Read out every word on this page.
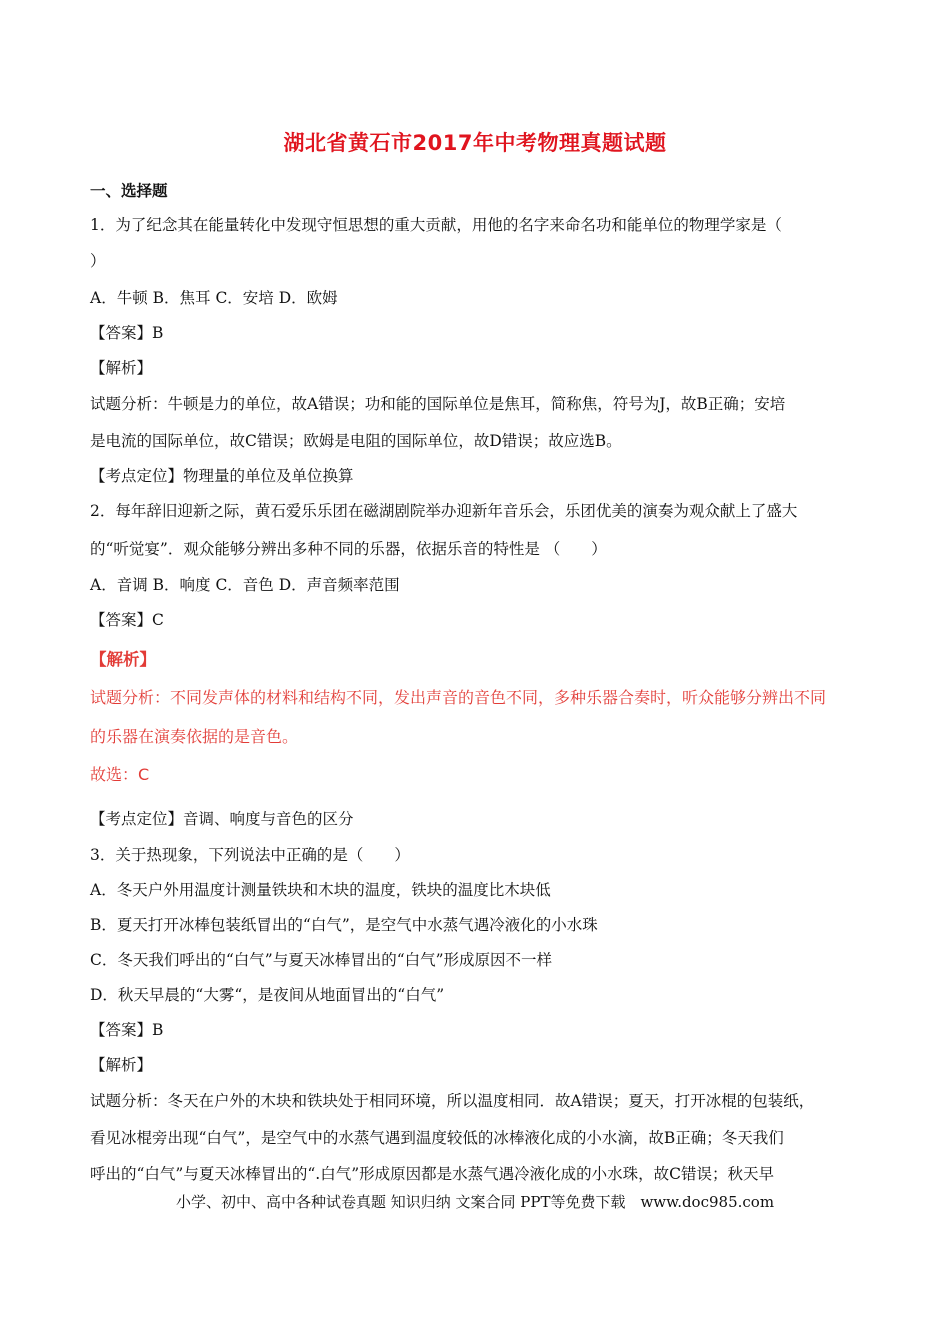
湖北省黄石市2017年中考物理真题试题
一、选择题
1．为了纪念其在能量转化中发现守恒思想的重大贡献，用他的名字来命名功和能单位的物理学家是（
）
A．牛顿 B．焦耳 C．安培 D．欧姆
【答案】B
【解析】
试题分析：牛顿是力的单位，故A错误；功和能的国际单位是焦耳，简称焦，符号为J，故B正确；安培
是电流的国际单位，故C错误；欧姆是电阻的国际单位，故D错误；故应选B。
【考点定位】物理量的单位及单位换算
2．每年辞旧迎新之际，黄石爱乐乐团在磁湖剧院举办迎新年音乐会，乐团优美的演奏为观众献上了盛大
的“听觉宴”．观众能够分辨出多种不同的乐器，依据乐音的特性是 （　　）
A．音调 B．响度 C．音色 D．声音频率范围
【答案】C
【解析】
试题分析：不同发声体的材料和结构不同，发出声音的音色不同，多种乐器合奏时，听众能够分辨出不同
的乐器在演奏依据的是音色。
故选：C
【考点定位】音调、响度与音色的区分
3．关于热现象，下列说法中正确的是（　　）
A．冬天户外用温度计测量铁块和木块的温度，铁块的温度比木块低
B．夏天打开冰棒包装纸冒出的“白气”，是空气中水蒸气遇冷液化的小水珠
C．冬天我们呼出的“白气”与夏天冰棒冒出的“白气”形成原因不一样
D．秋天早晨的“大雾“，是夜间从地面冒出的“白气”
【答案】B
【解析】
试题分析：冬天在户外的木块和铁块处于相同环境，所以温度相同．故A错误；夏天，打开冰棍的包装纸，
看见冰棍旁出现“白气”，是空气中的水蒸气遇到温度较低的冰棒液化成的小水滴，故B正确；冬天我们
呼出的“白气”与夏天冰棒冒出的“.白气”形成原因都是水蒸气遇冷液化成的小水珠，故C错误；秋天早
小学、初中、高中各种试卷真题 知识归纳 文案合同 PPT等免费下载　www.doc985.com
